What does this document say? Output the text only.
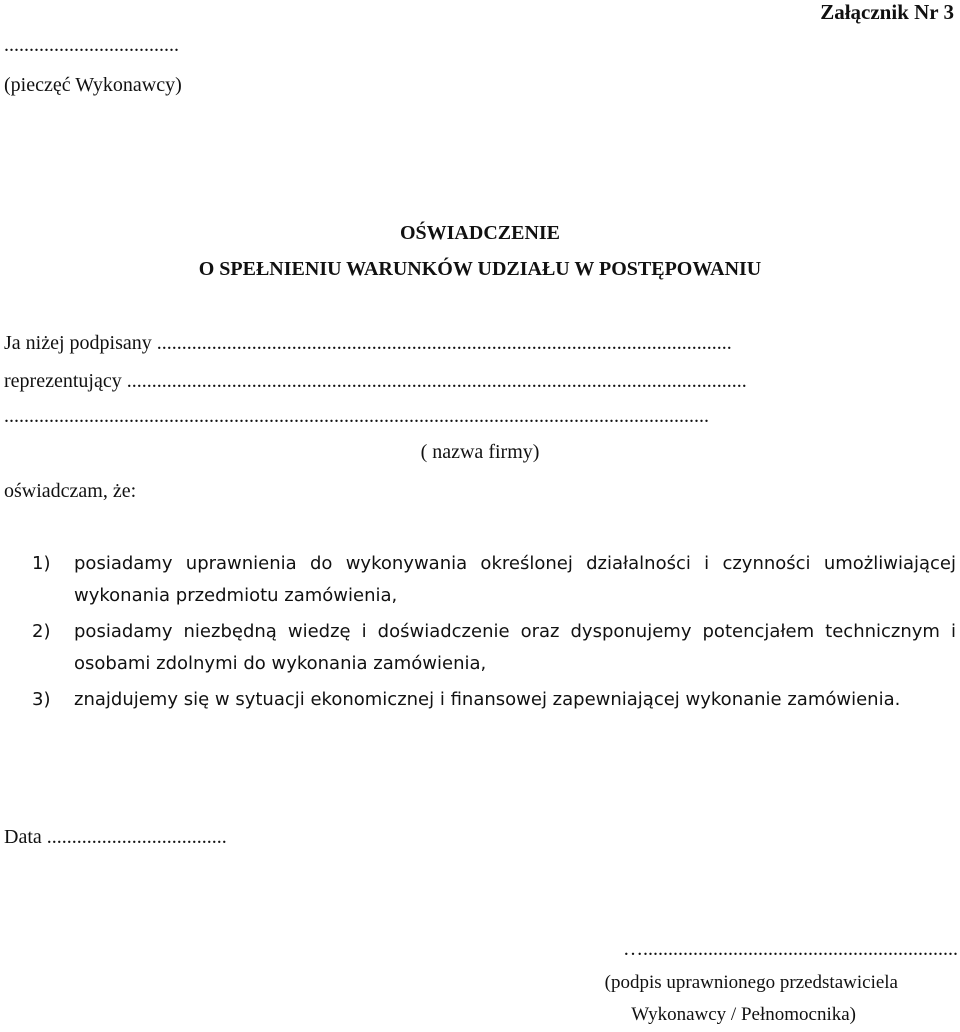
Załącznik Nr 3
...................................
(pieczęć Wykonawcy)
OŚWIADCZENIE
O SPEŁNIENIU WARUNKÓW UDZIAŁU W POSTĘPOWANIU
Ja niżej podpisany ...................................................................................................................
reprezentujący ............................................................................................................................
.............................................................................................................................................
( nazwa firmy)
oświadczam, że:
1) posiadamy uprawnienia do wykonywania określonej działalności i czynności umożliwiającej wykonania przedmiotu zamówienia,
2) posiadamy niezbędną wiedzę i doświadczenie oraz dysponujemy potencjałem technicznym i osobami zdolnymi do wykonania zamówienia,
3) znajdujemy się w sytuacji ekonomicznej i finansowej zapewniającej wykonanie zamówienia.
Data ....................................
…...............................................................
(podpis uprawnionego przedstawiciela
Wykonawcy / Pełnomocnika)
